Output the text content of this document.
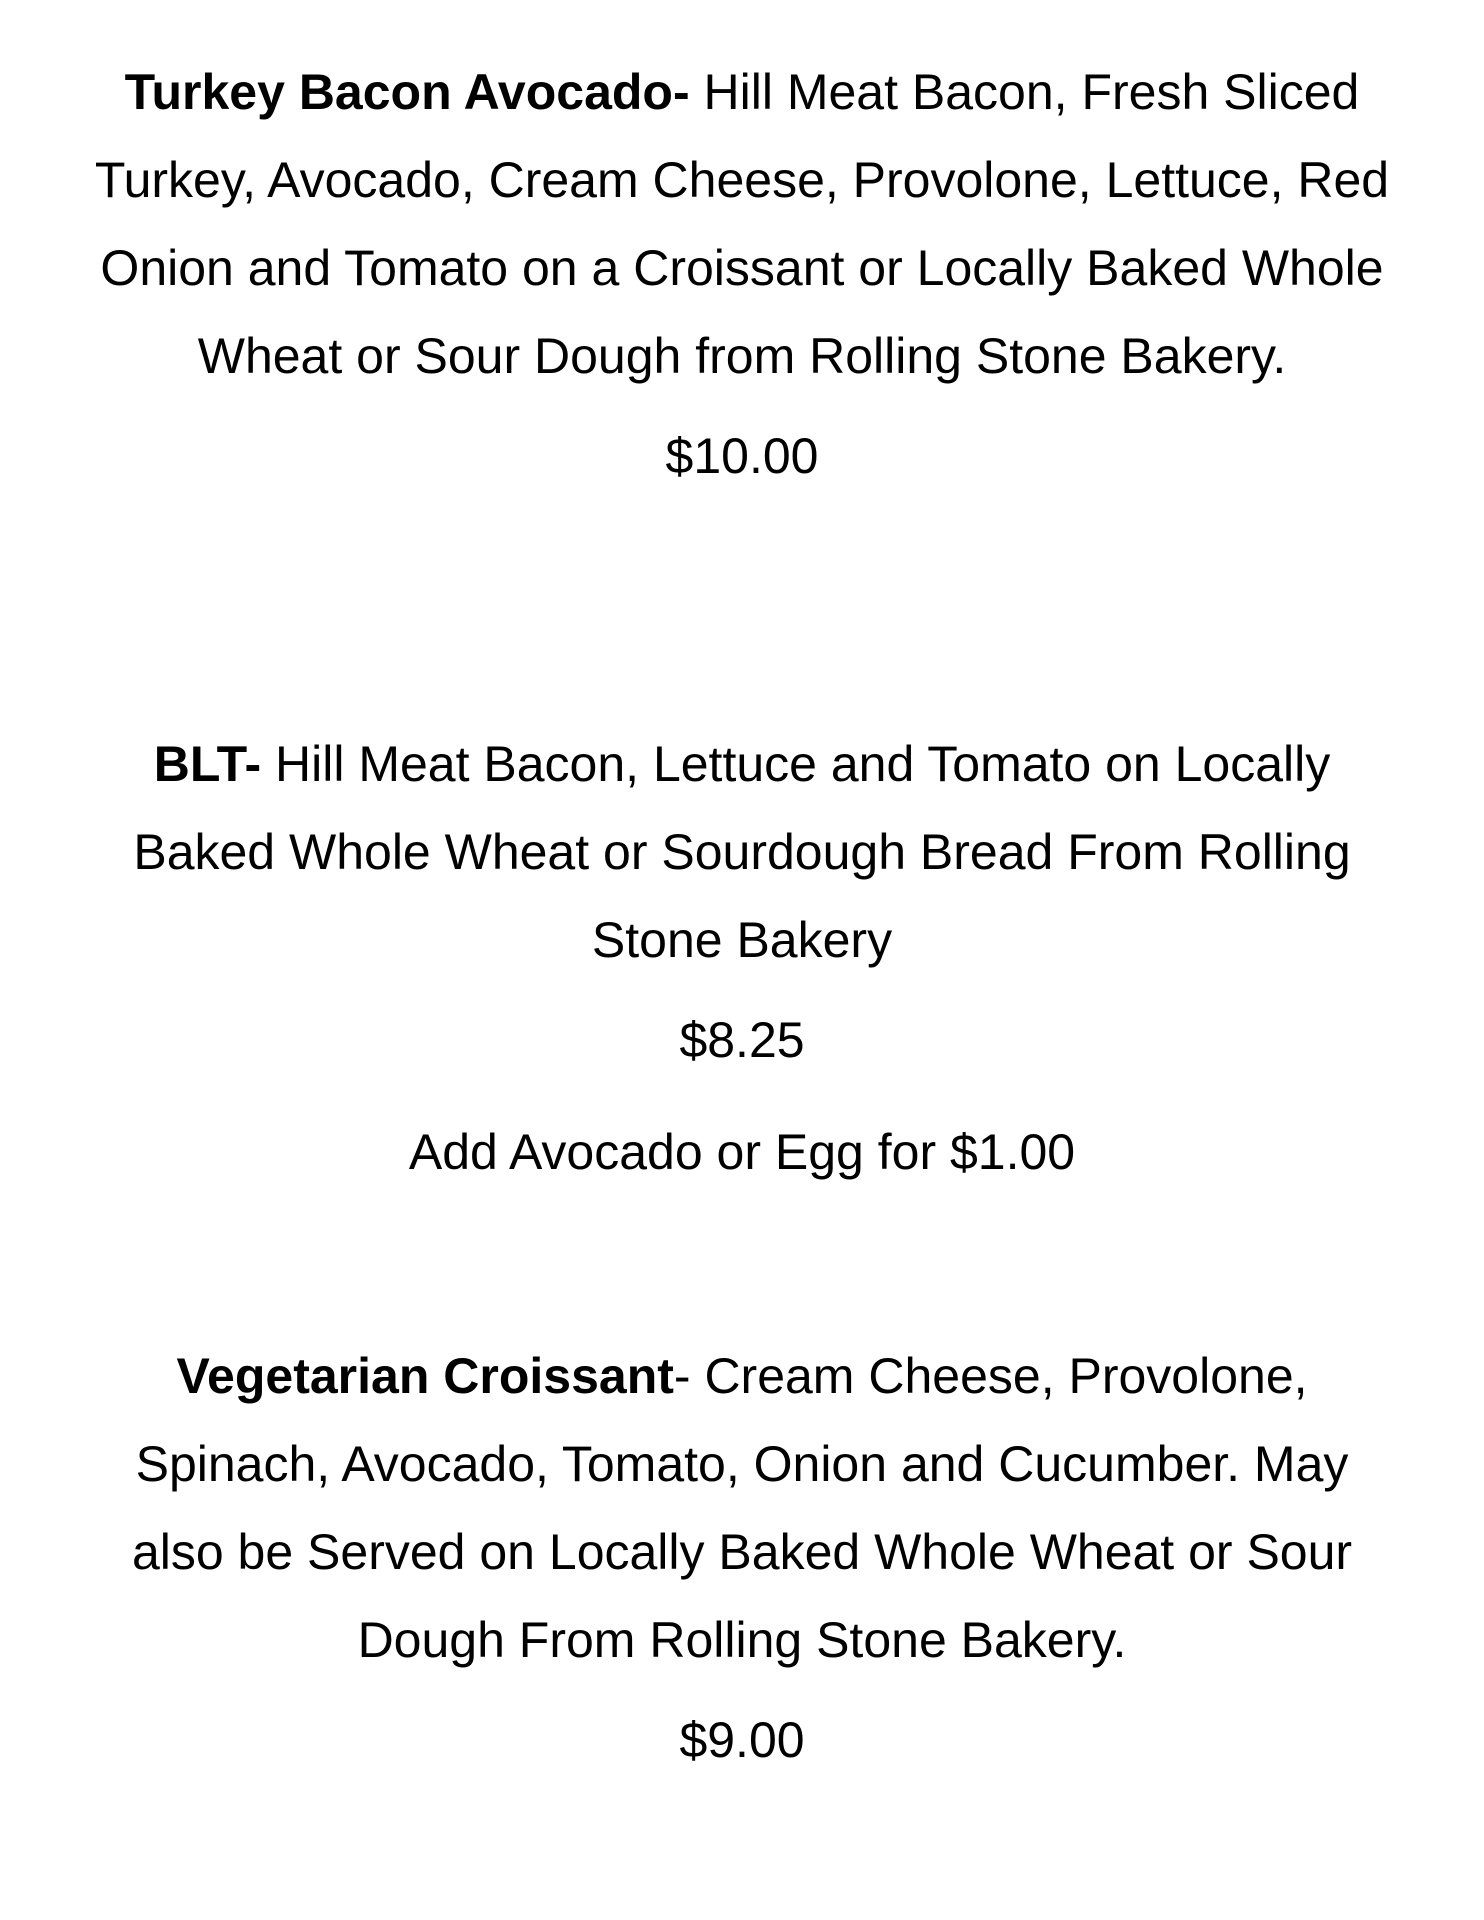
Turkey Bacon Avocado- Hill Meat Bacon, Fresh Sliced Turkey, Avocado, Cream Cheese, Provolone, Lettuce, Red Onion and Tomato on a Croissant or Locally Baked Whole Wheat or Sour Dough from Rolling Stone Bakery.
$10.00
BLT- Hill Meat Bacon, Lettuce and Tomato on Locally Baked Whole Wheat or Sourdough Bread From Rolling Stone Bakery
$8.25
Add Avocado or Egg for $1.00
Vegetarian Croissant- Cream Cheese, Provolone, Spinach, Avocado, Tomato, Onion and Cucumber. May also be Served on Locally Baked Whole Wheat or Sour Dough From Rolling Stone Bakery.
$9.00
